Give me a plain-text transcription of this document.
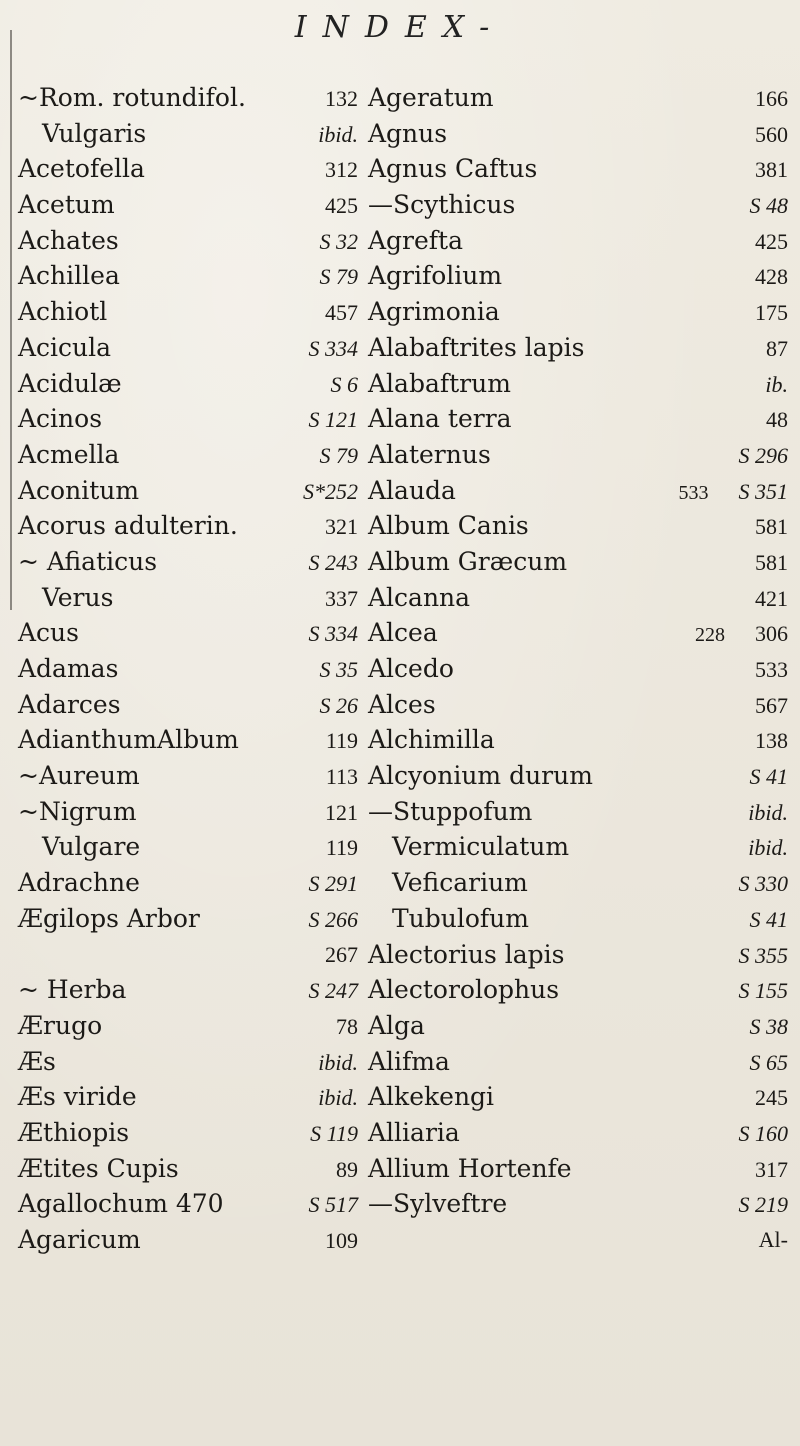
INDEX-
~Rom. rotundifol.	132
Vulgaris	ibid.
Acetofella	312
Acetum	425
Achates	S 32
Achillea	S 79
Achiotl	457
Acicula	S 334
Acidulæ	S 6
Acinos	S 121
Acmella	S 79
Aconitum	S*252
Acorus adulterin.	321
~ Afiaticus	S 243
Verus	337
Acus	S 334
Adamas	S 35
Adarces	S 26
AdianthumAlbum	119
~Aureum	113
~Nigrum	121
Vulgare	119
Adrachne	S 291
Ægilops Arbor	S 266
267
~ Herba	S 247
Ærugo	78
Æs	ibid.
Æs viride	ibid.
Æthiopis	S 119
Ætites Cupis	89
Agallochum 470	S 517
Agaricum	109
Ageratum	166
Agnus	560
Agnus Caftus	381
—Scythicus	S 48
Agrefta	425
Agrifolium	428
Agrimonia	175
Alabaftrites lapis	87
Alabaftrum	ib.
Alana terra	48
Alaternus	S 296
Alauda	533 S 351
Album Canis	581
Album Græcum	581
Alcanna	421
Alcea	228 306
Alcedo	533
Alces	567
Alchimilla	138
Alcyonium durum	S 41
—Stuppofum	ibid.
Vermiculatum	ibid.
Veficarium	S 330
Tubulofum	S 41
Alectorius lapis	S 355
Alectorolophus	S 155
Alga	S 38
Alifma	S 65
Alkekengi	245
Alliaria	S 160
Allium Hortenfe	317
—Sylveftre	S 219
Al-
